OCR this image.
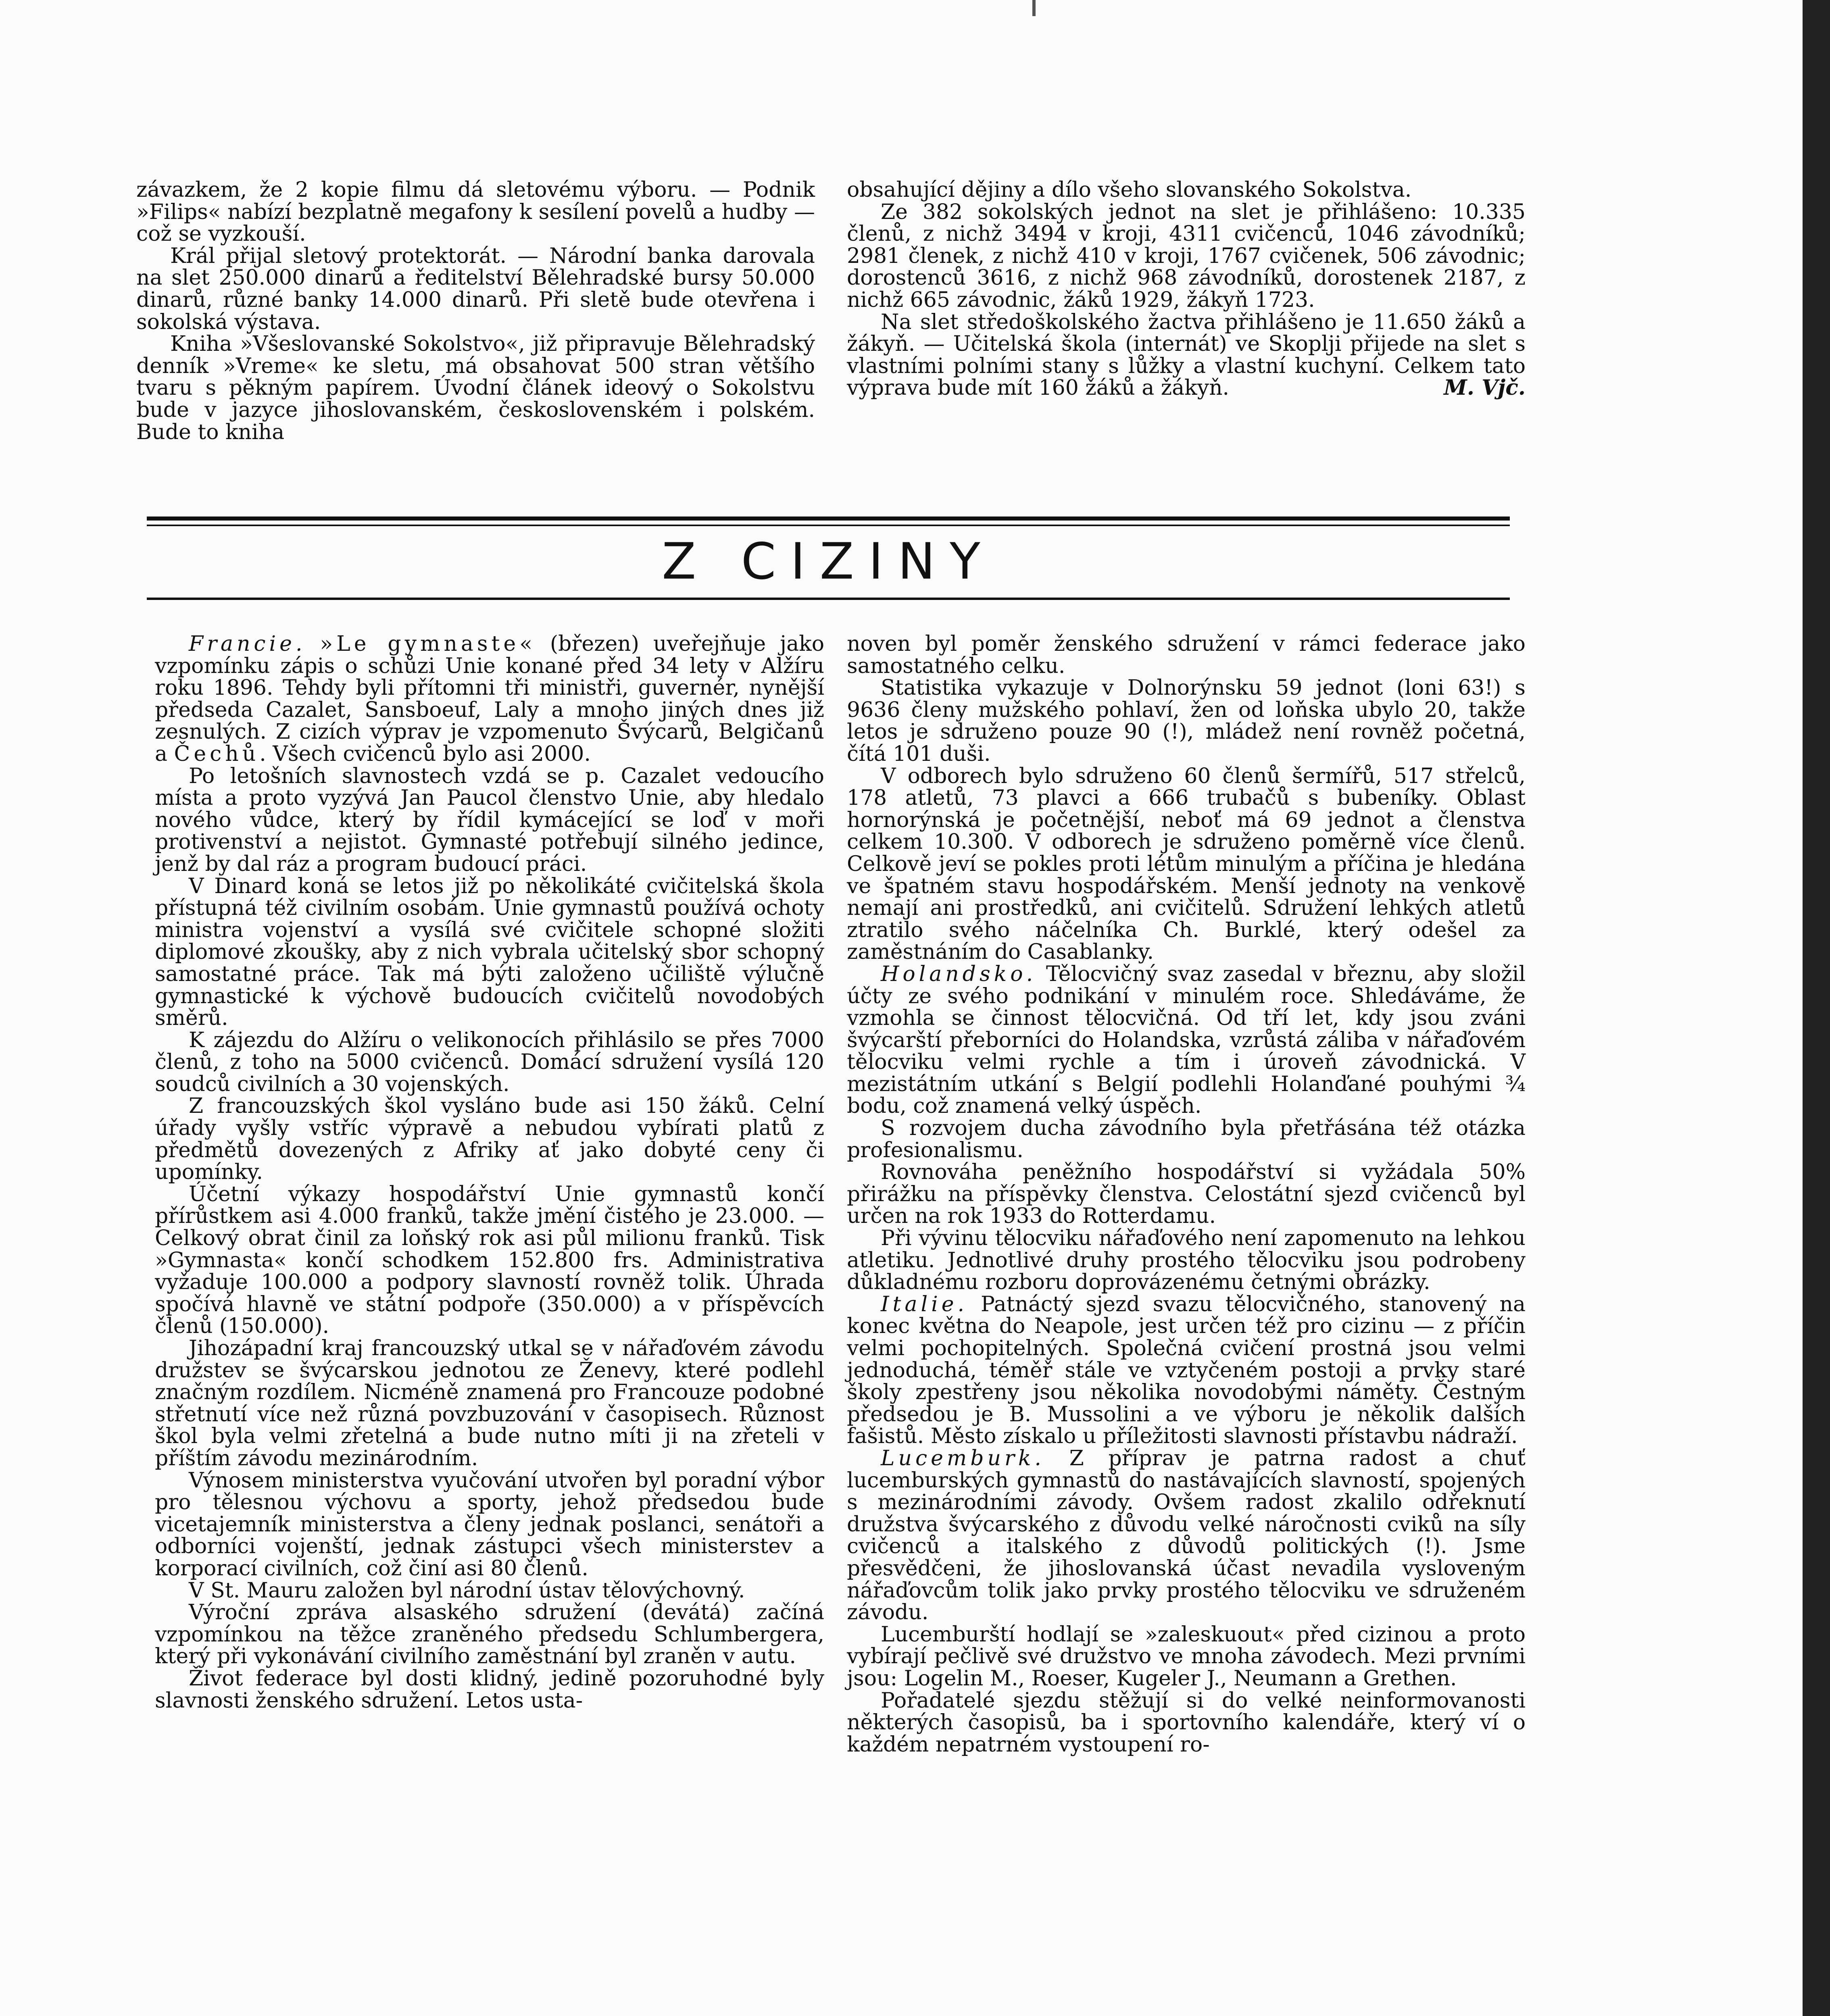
závazkem, že 2 kopie filmu dá sletovému výboru. — Podnik »Filips« nabízí bezplatně megafony k sesílení povelů a hudby — což se vyzkouší.

Král přijal sletový protektorát. — Národní banka darovala na slet 250.000 dinarů a ředitelství Bělehradské bursy 50.000 dinarů, různé banky 14.000 dinarů. Při sletě bude otevřena i sokolská výstava.

Kniha »Všeslovanské Sokolstvo«, již připravuje Bělehradský denník »Vreme« ke sletu, má obsahovat 500 stran většího tvaru s pěkným papírem. Úvodní článek ideový o Sokolstvu bude v jazyce jihoslovanském, československém i polském. Bude to kniha

obsahující dějiny a dílo všeho slovanského Sokolstva.

Ze 382 sokolských jednot na slet je přihlášeno: 10.335 členů, z nichž 3494 v kroji, 4311 cvičenců, 1046 závodníků; 2981 členek, z nichž 410 v kroji, 1767 cvičenek, 506 závodnic; dorostenců 3616, z nichž 968 závodníků, dorostenek 2187, z nichž 665 závodnic, žáků 1929, žákyň 1723.

Na slet středoškolského žactva přihlášeno je 11.650 žáků a žákyň. — Učitelská škola (internát) ve Skoplji přijede na slet s vlastními polními stany s lůžky a vlastní kuchyní. Celkem tato výprava bude mít 160 žáků a žákyň.	M. Vjč.

Z CIZINY

Francie. »Le gymnaste« (březen) uveřejňuje jako vzpomínku zápis o schůzi Unie konané před 34 lety v Alžíru roku 1896. Tehdy byli přítomni tři ministři, guvernér, nynější předseda Cazalet, Sansboeuf, Laly a mnoho jiných dnes již zesnulých. Z cizích výprav je vzpomenuto Švýcarů, Belgičanů a Čechů. Všech cvičenců bylo asi 2000.

Po letošních slavnostech vzdá se p. Cazalet vedoucího místa a proto vyzývá Jan Paucol členstvo Unie, aby hledalo nového vůdce, který by řídil kymácející se loď v moři protivenství a nejistot. Gymnasté potřebují silného jedince, jenž by dal ráz a program budoucí práci.

V Dinard koná se letos již po několikáté cvičitelská škola přístupná též civilním osobám. Unie gymnastů používá ochoty ministra vojenství a vysílá své cvičitele schopné složiti diplomové zkoušky, aby z nich vybrala učitelský sbor schopný samostatné práce. Tak má býti založeno učiliště výlučně gymnastické k výchově budoucích cvičitelů novodobých směrů.

K zájezdu do Alžíru o velikonocích přihlásilo se přes 7000 členů, z toho na 5000 cvičenců. Domácí sdružení vysílá 120 soudců civilních a 30 vojenských.

Z francouzských škol vysláno bude asi 150 žáků. Celní úřady vyšly vstříc výpravě a nebudou vybírati platů z předmětů dovezených z Afriky ať jako dobyté ceny či upomínky.

Účetní výkazy hospodářství Unie gymnastů končí přírůstkem asi 4.000 franků, takže jmění čistého je 23.000. — Celkový obrat činil za loňský rok asi půl milionu franků. Tisk »Gymnasta« končí schodkem 152.800 frs. Administrativa vyžaduje 100.000 a podpory slavností rovněž tolik. Úhrada spočívá hlavně ve státní podpoře (350.000) a v příspěvcích členů (150.000).

Jihozápadní kraj francouzský utkal se v nářaďovém závodu družstev se švýcarskou jednotou ze Ženevy, které podlehl značným rozdílem. Nicméně znamená pro Francouze podobné střetnutí více než různá povzbuzování v časopisech. Různost škol byla velmi zřetelná a bude nutno míti ji na zřeteli v příštím závodu mezinárodním.

Výnosem ministerstva vyučování utvořen byl poradní výbor pro tělesnou výchovu a sporty, jehož předsedou bude vicetajemník ministerstva a členy jednak poslanci, senátoři a odborníci vojenští, jednak zástupci všech ministerstev a korporací civilních, což činí asi 80 členů.

V St. Mauru založen byl národní ústav tělovýchovný.

Výroční zpráva alsaského sdružení (devátá) začíná vzpomínkou na těžce zraněného předsedu Schlumbergera, který při vykonávání civilního zaměstnání byl zraněn v autu.

Život federace byl dosti klidný, jedině pozoruhodné byly slavnosti ženského sdružení. Letos usta-

noven byl poměr ženského sdružení v rámci federace jako samostatného celku.

Statistika vykazuje v Dolnorýnsku 59 jednot (loni 63!) s 9636 členy mužského pohlaví, žen od loňska ubylo 20, takže letos je sdruženo pouze 90 (!), mládež není rovněž početná, čítá 101 duši.

V odborech bylo sdruženo 60 členů šermířů, 517 střelců, 178 atletů, 73 plavci a 666 trubačů s bubeníky. Oblast hornorýnská je početnější, neboť má 69 jednot a členstva celkem 10.300. V odborech je sdruženo poměrně více členů. Celkově jeví se pokles proti létům minulým a příčina je hledána ve špatném stavu hospodářském. Menší jednoty na venkově nemají ani prostředků, ani cvičitelů. Sdružení lehkých atletů ztratilo svého náčelníka Ch. Burklé, který odešel za zaměstnáním do Casablanky.

Holandsko. Tělocvičný svaz zasedal v březnu, aby složil účty ze svého podnikání v minulém roce. Shledáváme, že vzmohla se činnost tělocvičná. Od tří let, kdy jsou zváni švýcarští přeborníci do Holandska, vzrůstá záliba v nářaďovém tělocviku velmi rychle a tím i úroveň závodnická. V mezistátním utkání s Belgií podlehli Holanďané pouhými ¾ bodu, což znamená velký úspěch.

S rozvojem ducha závodního byla přetřásána též otázka profesionalismu.

Rovnováha peněžního hospodářství si vyžádala 50% přirážku na příspěvky členstva. Celostátní sjezd cvičenců byl určen na rok 1933 do Rotterdamu.

Při vývinu tělocviku nářaďového není zapomenuto na lehkou atletiku. Jednotlivé druhy prostého tělocviku jsou podrobeny důkladnému rozboru doprovázenému četnými obrázky.

Italie. Patnáctý sjezd svazu tělocvičného, stanovený na konec května do Neapole, jest určen též pro cizinu — z příčin velmi pochopitelných. Společná cvičení prostná jsou velmi jednoduchá, téměř stále ve vztyčeném postoji a prvky staré školy zpestřeny jsou několika novodobými náměty. Čestným předsedou je B. Mussolini a ve výboru je několik dalších fašistů. Město získalo u příležitosti slavnosti přístavbu nádraží.

Lucemburk. Z příprav je patrna radost a chuť lucemburských gymnastů do nastávajících slavností, spojených s mezinárodními závody. Ovšem radost zkalilo odřeknutí družstva švýcarského z důvodu velké náročnosti cviků na síly cvičenců a italského z důvodů politických (!). Jsme přesvědčeni, že jihoslovanská účast nevadila vysloveným nářaďovcům tolik jako prvky prostého tělocviku ve sdruženém závodu.

Lucemburští hodlají se »zaleskuout« před cizinou a proto vybírají pečlivě své družstvo ve mnoha závodech. Mezi prvními jsou: Logelin M., Roeser, Kugeler J., Neumann a Grethen.

Pořadatelé sjezdu stěžují si do velké neinformovanosti některých časopisů, ba i sportovního kalendáře, který ví o každém nepatrném vystoupení ro-
